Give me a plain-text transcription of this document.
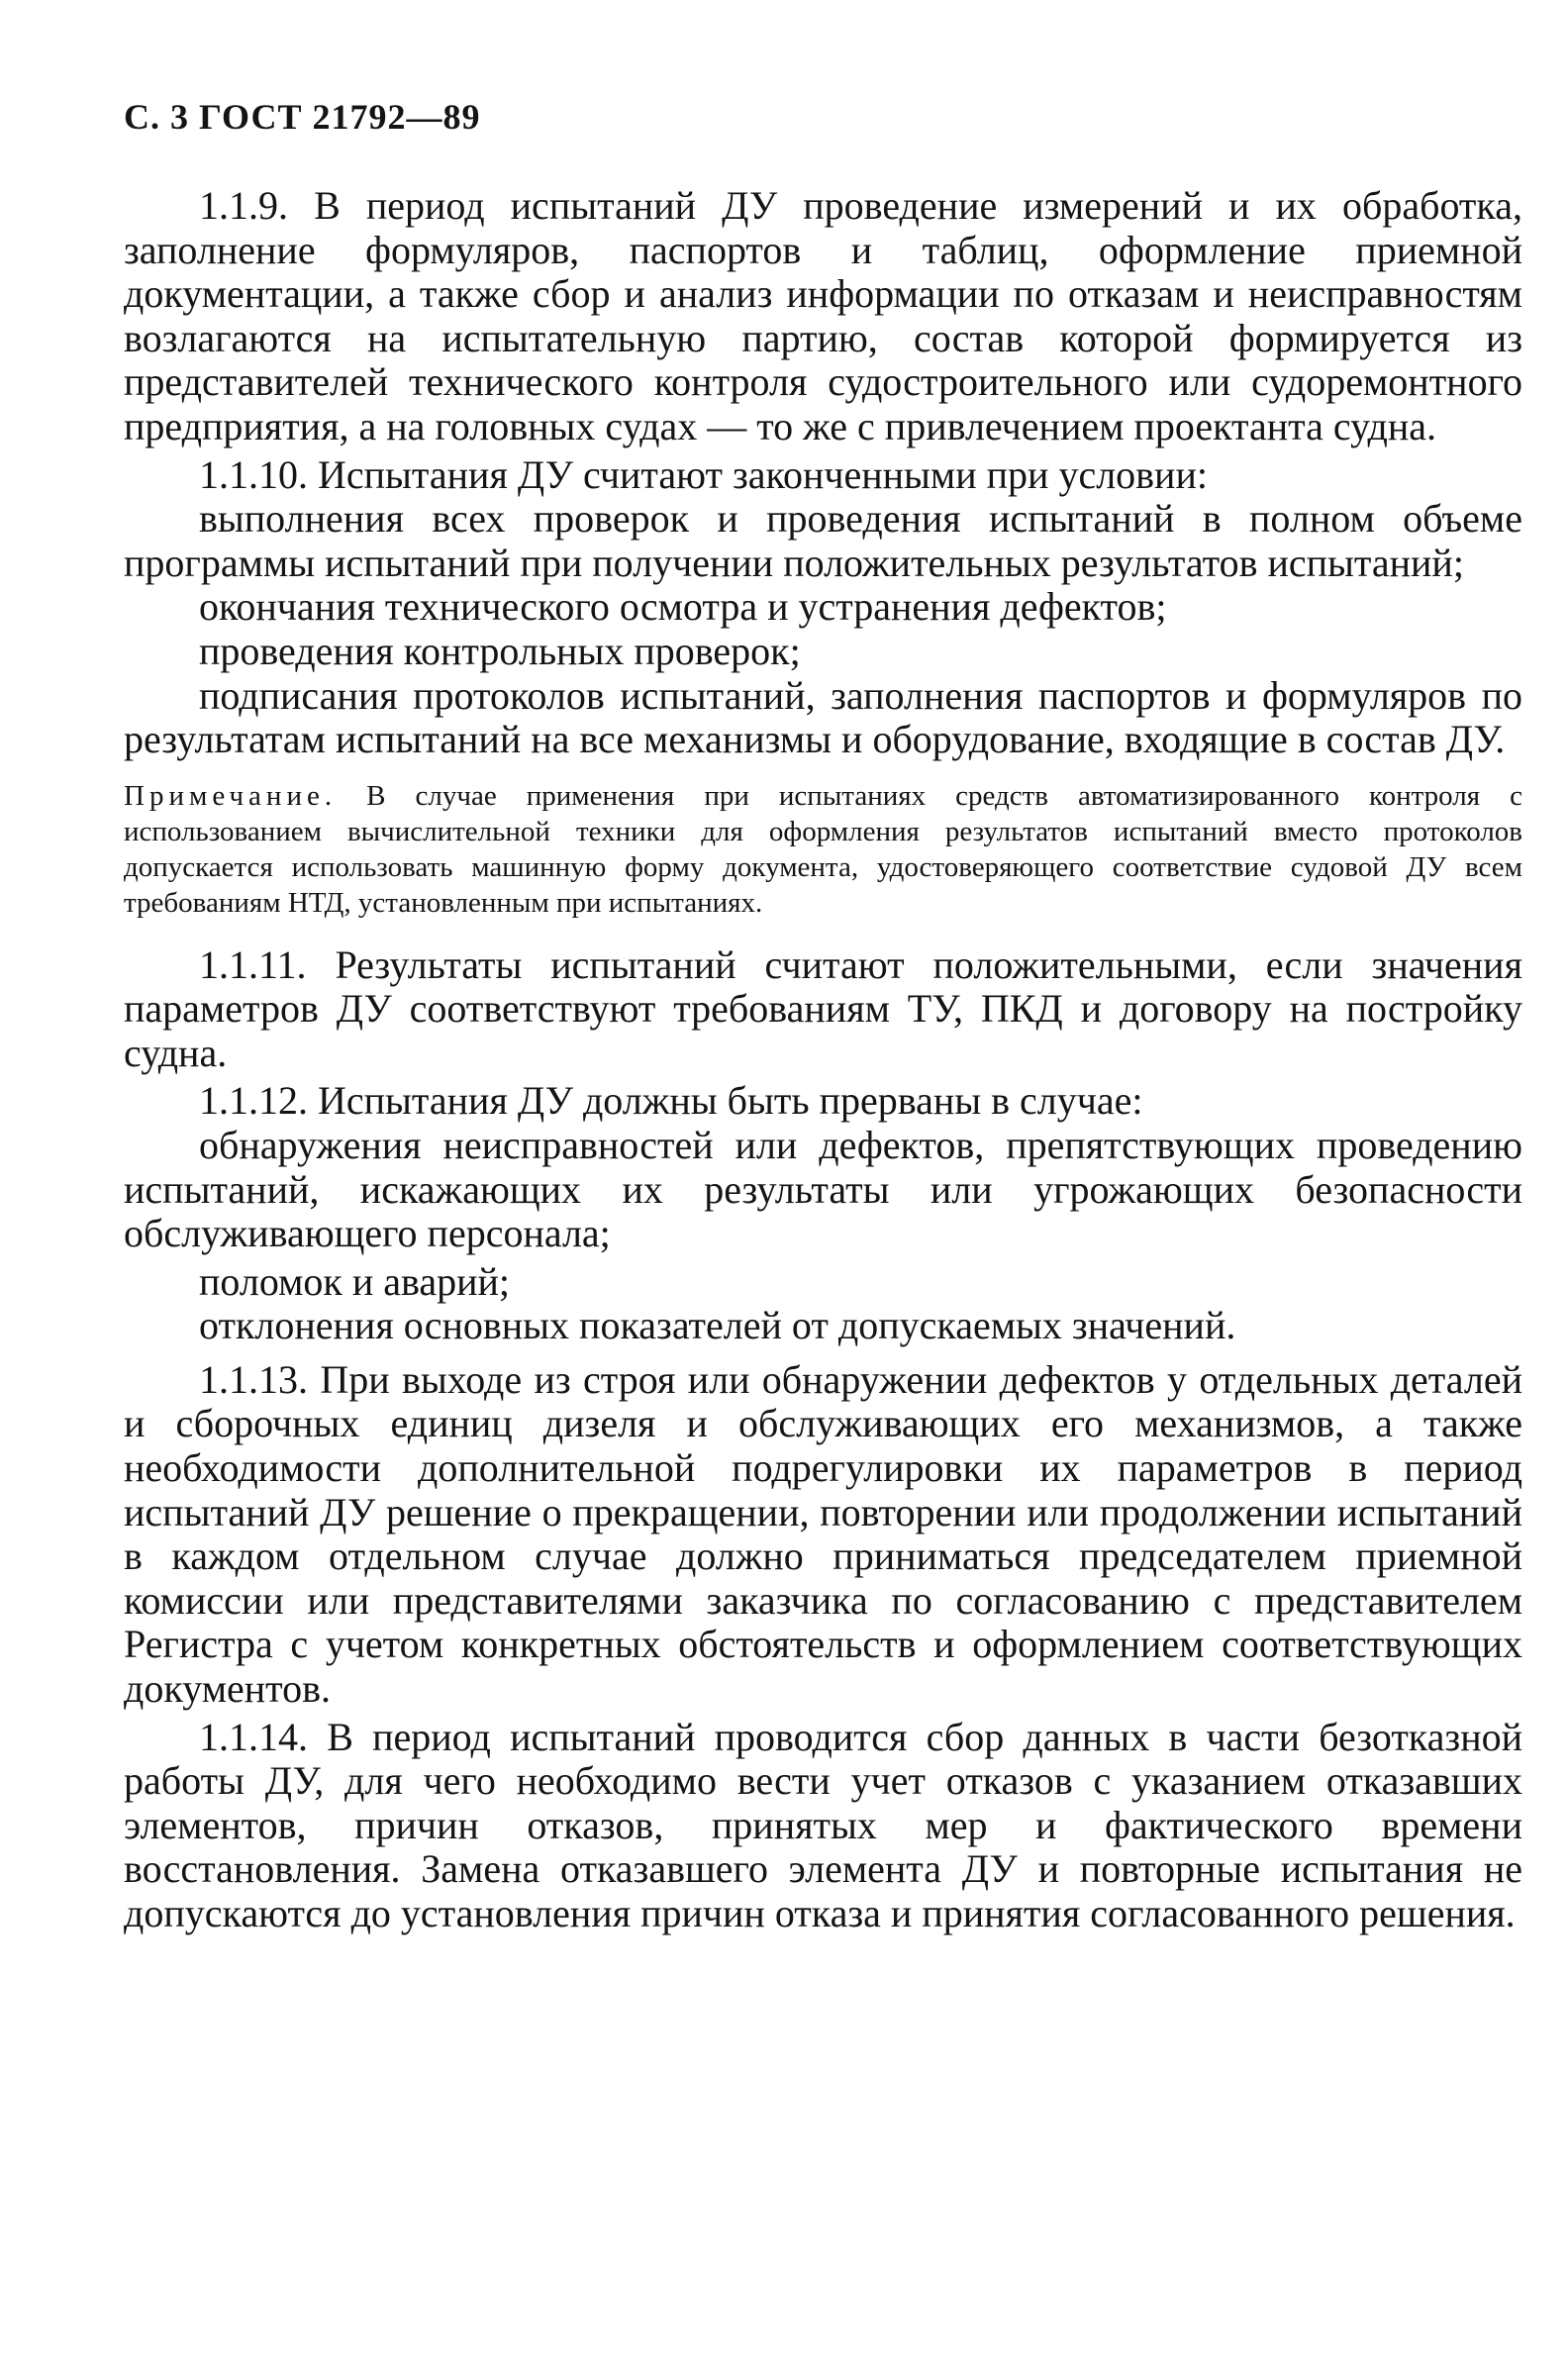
С. 3 ГОСТ 21792—89

1.1.9. В период испытаний ДУ проведение измерений и их обработка, заполнение формуляров, паспортов и таблиц, оформление приемной документации, а также сбор и анализ информации по отказам и неисправностям возлагаются на испытательную партию, состав которой формируется из представителей технического контроля судостроительного или судоремонтного предприятия, а на головных судах — то же с привлечением проектанта судна.

1.1.10. Испытания ДУ считают законченными при условии:

выполнения всех проверок и проведения испытаний в полном объеме программы испытаний при получении положительных результатов испытаний;

окончания технического осмотра и устранения дефектов;

проведения контрольных проверок;

подписания протоколов испытаний, заполнения паспортов и формуляров по результатам испытаний на все механизмы и оборудование, входящие в состав ДУ.

Примечание. В случае применения при испытаниях средств автоматизированного контроля с использованием вычислительной техники для оформления результатов испытаний вместо протоколов допускается использовать машинную форму документа, удостоверяющего соответствие судовой ДУ всем требованиям НТД, установленным при испытаниях.

1.1.11. Результаты испытаний считают положительными, если значения параметров ДУ соответствуют требованиям ТУ, ПКД и договору на постройку судна.

1.1.12. Испытания ДУ должны быть прерваны в случае:

обнаружения неисправностей или дефектов, препятствующих проведению испытаний, искажающих их результаты или угрожающих безопасности обслуживающего персонала;

поломок и аварий;

отклонения основных показателей от допускаемых значений.

1.1.13. При выходе из строя или обнаружении дефектов у отдельных деталей и сборочных единиц дизеля и обслуживающих его механизмов, а также необходимости дополнительной подрегулировки их параметров в период испытаний ДУ решение о прекращении, повторении или продолжении испытаний в каждом отдельном случае должно приниматься председателем приемной комиссии или представителями заказчика по согласованию с представителем Регистра с учетом конкретных обстоятельств и оформлением соответствующих документов.

1.1.14. В период испытаний проводится сбор данных в части безотказной работы ДУ, для чего необходимо вести учет отказов с указанием отказавших элементов, причин отказов, принятых мер и фактического времени восстановления. Замена отказавшего элемента ДУ и повторные испытания не допускаются до установления причин отказа и принятия согласованного решения.
